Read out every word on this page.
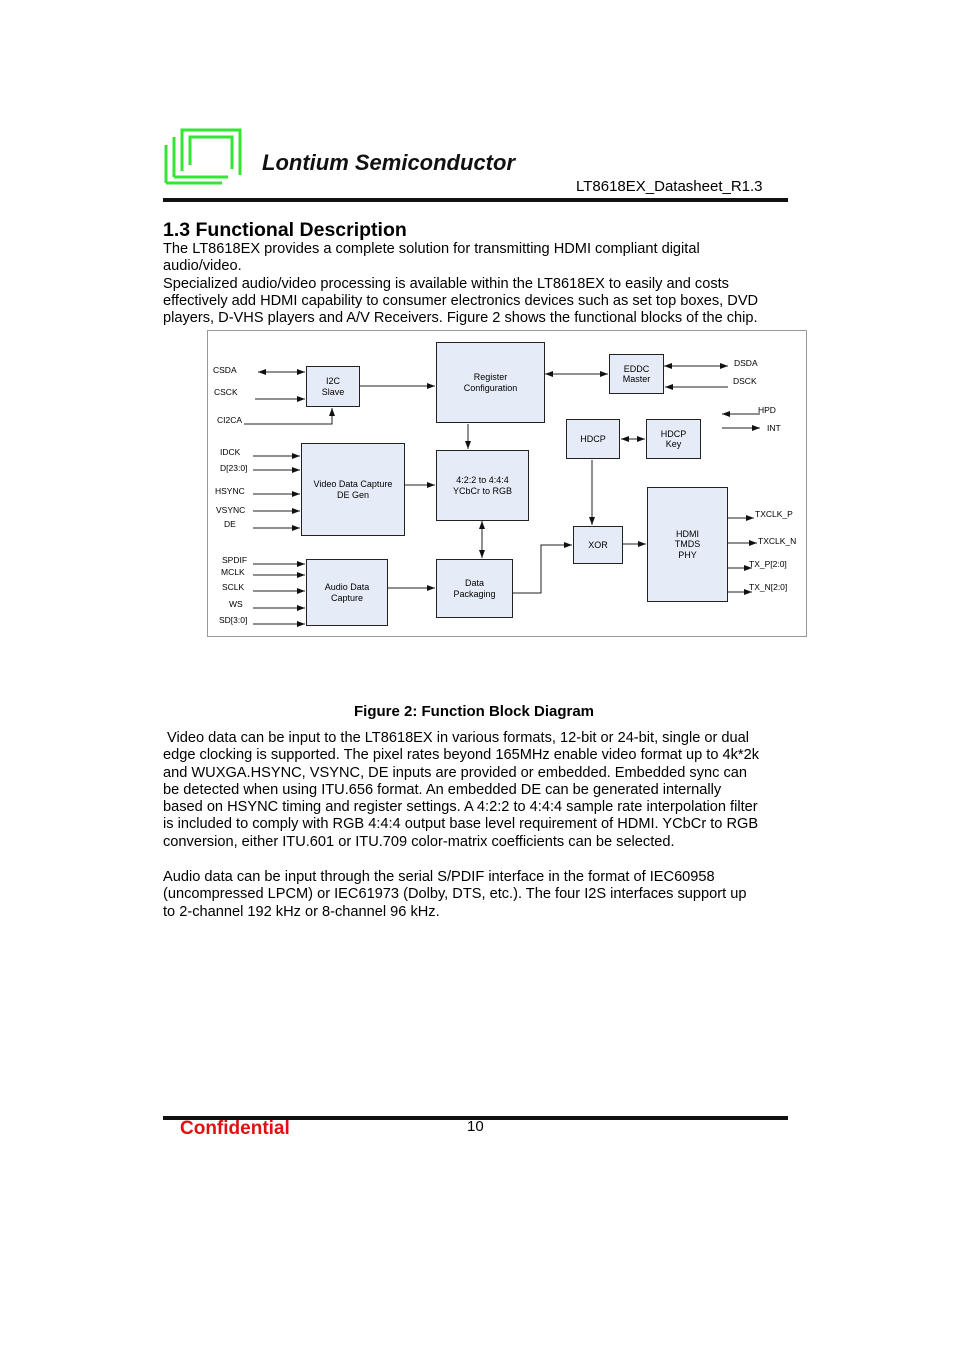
Lontium Semiconductor
LT8618EX_Datasheet_R1.3
1.3 Functional Description
The LT8618EX provides a complete solution for transmitting HDMI compliant digital
audio/video.
Specialized audio/video processing is available within the LT8618EX to easily and costs
effectively add HDMI capability to consumer electronics devices such as set top boxes, DVD
players, D-VHS players and A/V Receivers. Figure 2 shows the functional blocks of the chip.
I2C
Slave
Register
Configuration
EDDC
Master
HDCP
HDCP
Key
Video Data Capture
DE Gen
4:2:2 to 4:4:4
YCbCr to RGB
XOR
HDMI
TMDS
PHY
Audio Data
Capture
Data
Packaging
CSDA
CSCK
CI2CA
IDCK
D[23:0]
HSYNC
VSYNC
DE
SPDIF
MCLK
SCLK
WS
SD[3:0]
DSDA
DSCK
HPD
INT
TXCLK_P
TXCLK_N
TX_P[2:0]
TX_N[2:0]
Figure 2: Function Block Diagram
Video data can be input to the LT8618EX in various formats, 12-bit or 24-bit, single or dual
edge clocking is supported. The pixel rates beyond 165MHz enable video format up to 4k*2k
and WUXGA.HSYNC, VSYNC, DE inputs are provided or embedded. Embedded sync can
be detected when using ITU.656 format. An embedded DE can be generated internally
based on HSYNC timing and register settings. A 4:2:2 to 4:4:4 sample rate interpolation filter
is included to comply with RGB 4:4:4 output base level requirement of HDMI. YCbCr to RGB
conversion, either ITU.601 or ITU.709 color-matrix coefficients can be selected.
Audio data can be input through the serial S/PDIF interface in the format of IEC60958
(uncompressed LPCM) or IEC61973 (Dolby, DTS, etc.). The four I2S interfaces support up
to 2-channel 192 kHz or 8-channel 96 kHz.
Confidential	10
